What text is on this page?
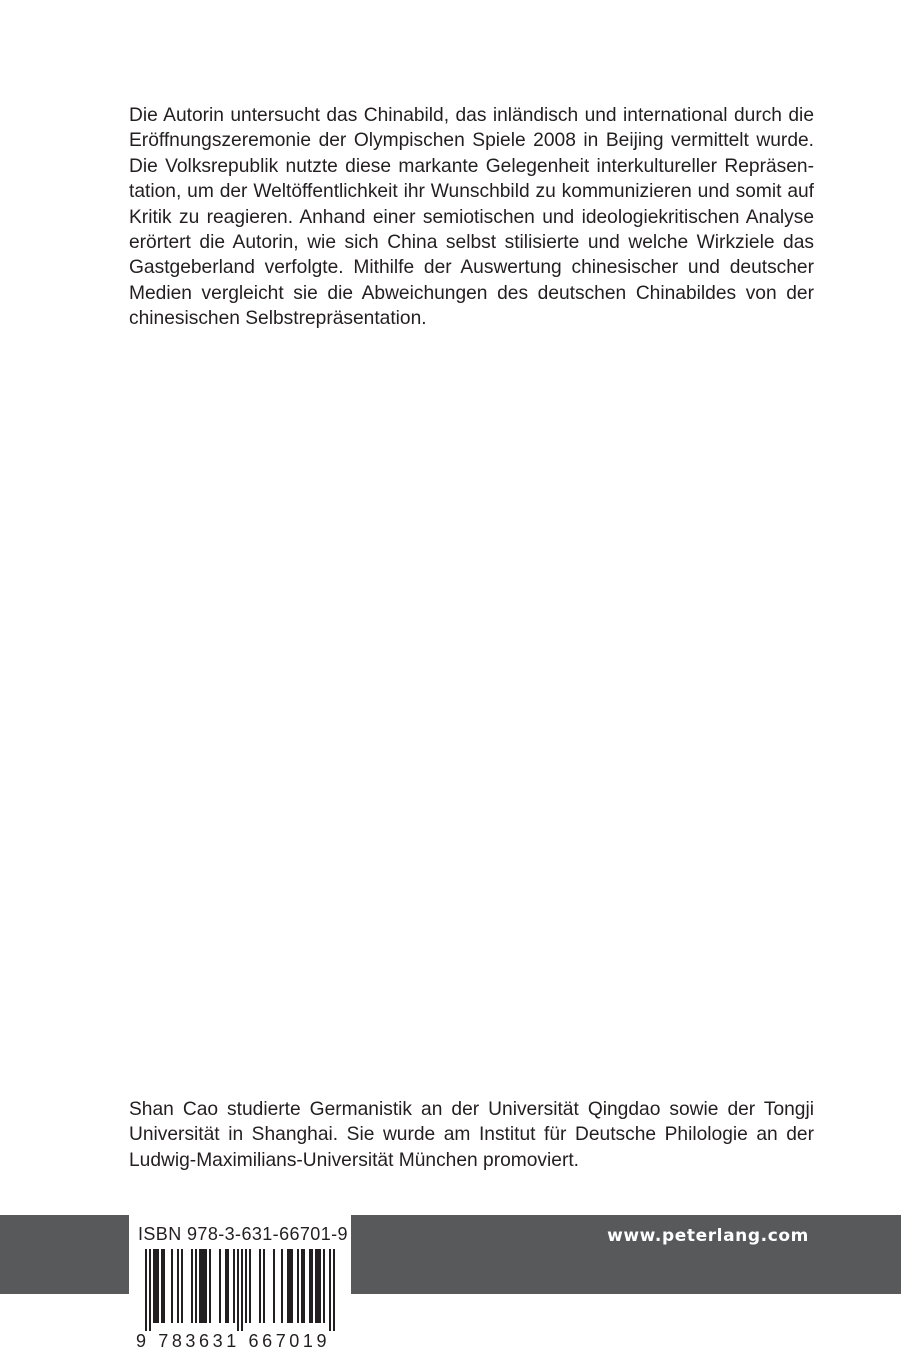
Die Autorin untersucht das Chinabild, das inländisch und international durch die
Eröffnungszeremonie der Olympischen Spiele 2008 in Beijing vermittelt wurde.
Die Volksrepublik nutzte diese markante Gelegenheit interkultureller Repräsen-
tation, um der Weltöffentlichkeit ihr Wunschbild zu kommunizieren und somit auf
Kritik zu reagieren. Anhand einer semiotischen und ideologiekritischen Analyse
erörtert die Autorin, wie sich China selbst stilisierte und welche Wirkziele das
Gastgeberland verfolgte. Mithilfe der Auswertung chinesischer und deutscher
Medien vergleicht sie die Abweichungen des deutschen Chinabildes von der
chinesischen Selbstrepräsentation.
Shan Cao studierte Germanistik an der Universität Qingdao sowie der Tongji
Universität in Shanghai. Sie wurde am Institut für Deutsche Philologie an der
Ludwig-Maximilians-Universität München promoviert.
www.peterlang.com
ISBN 978-3-631-66701-9
9 783631 667019
